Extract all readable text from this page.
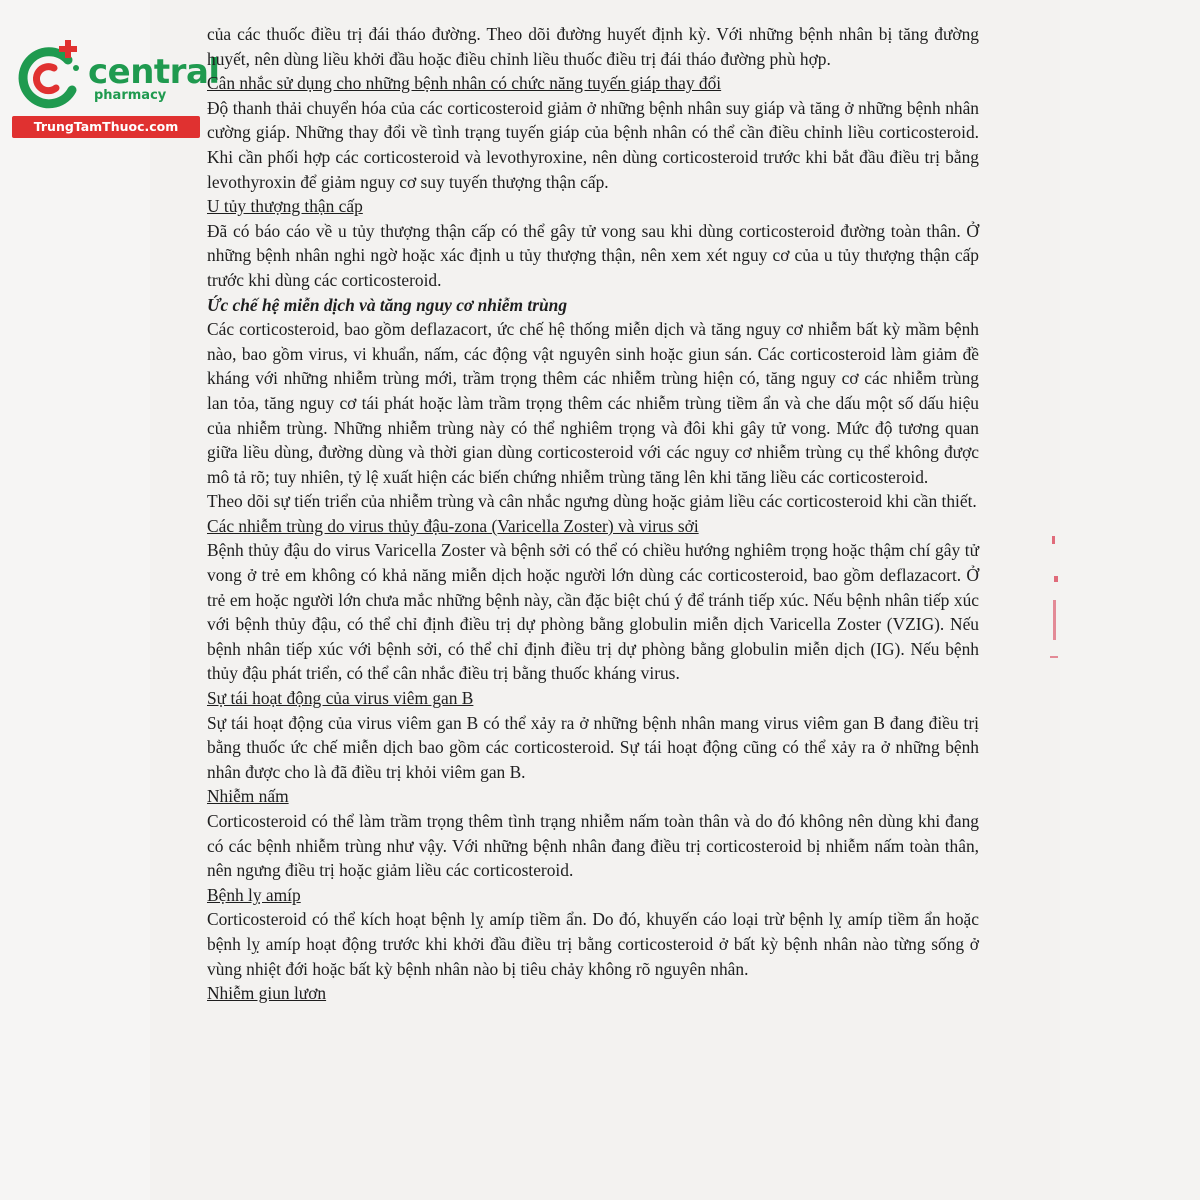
central
pharmacy
TrungTamThuoc.com

của các thuốc điều trị đái tháo đường. Theo dõi đường huyết định kỳ. Với những bệnh nhân bị tăng đường huyết, nên dùng liều khởi đầu hoặc điều chỉnh liều thuốc điều trị đái tháo đường phù hợp.

Cân nhắc sử dụng cho những bệnh nhân có chức năng tuyến giáp thay đổi

Độ thanh thải chuyển hóa của các corticosteroid giảm ở những bệnh nhân suy giáp và tăng ở những bệnh nhân cường giáp. Những thay đổi về tình trạng tuyến giáp của bệnh nhân có thể cần điều chỉnh liều corticosteroid. Khi cần phối hợp các corticosteroid và levothyroxine, nên dùng corticosteroid trước khi bắt đầu điều trị bằng levothyroxin để giảm nguy cơ suy tuyến thượng thận cấp.

U tủy thượng thận cấp

Đã có báo cáo về u tủy thượng thận cấp có thể gây tử vong sau khi dùng corticosteroid đường toàn thân. Ở những bệnh nhân nghi ngờ hoặc xác định u tủy thượng thận, nên xem xét nguy cơ của u tủy thượng thận cấp trước khi dùng các corticosteroid.

Ức chế hệ miễn dịch và tăng nguy cơ nhiễm trùng

Các corticosteroid, bao gồm deflazacort, ức chế hệ thống miễn dịch và tăng nguy cơ nhiễm bất kỳ mầm bệnh nào, bao gồm virus, vi khuẩn, nấm, các động vật nguyên sinh hoặc giun sán. Các corticosteroid làm giảm đề kháng với những nhiễm trùng mới, trầm trọng thêm các nhiễm trùng hiện có, tăng nguy cơ các nhiễm trùng lan tỏa, tăng nguy cơ tái phát hoặc làm trầm trọng thêm các nhiễm trùng tiềm ẩn và che dấu một số dấu hiệu của nhiễm trùng. Những nhiễm trùng này có thể nghiêm trọng và đôi khi gây tử vong. Mức độ tương quan giữa liều dùng, đường dùng và thời gian dùng corticosteroid với các nguy cơ nhiễm trùng cụ thể không được mô tả rõ; tuy nhiên, tỷ lệ xuất hiện các biến chứng nhiễm trùng tăng lên khi tăng liều các corticosteroid.

Theo dõi sự tiến triển của nhiễm trùng và cân nhắc ngưng dùng hoặc giảm liều các corticosteroid khi cần thiết.

Các nhiễm trùng do virus thủy đậu-zona (Varicella Zoster) và virus sởi

Bệnh thủy đậu do virus Varicella Zoster và bệnh sởi có thể có chiều hướng nghiêm trọng hoặc thậm chí gây tử vong ở trẻ em không có khả năng miễn dịch hoặc người lớn dùng các corticosteroid, bao gồm deflazacort. Ở trẻ em hoặc người lớn chưa mắc những bệnh này, cần đặc biệt chú ý để tránh tiếp xúc. Nếu bệnh nhân tiếp xúc với bệnh thủy đậu, có thể chỉ định điều trị dự phòng bằng globulin miễn dịch Varicella Zoster (VZIG). Nếu bệnh nhân tiếp xúc với bệnh sởi, có thể chỉ định điều trị dự phòng bằng globulin miễn dịch (IG). Nếu bệnh thủy đậu phát triển, có thể cân nhắc điều trị bằng thuốc kháng virus.

Sự tái hoạt động của virus viêm gan B

Sự tái hoạt động của virus viêm gan B có thể xảy ra ở những bệnh nhân mang virus viêm gan B đang điều trị bằng thuốc ức chế miễn dịch bao gồm các corticosteroid. Sự tái hoạt động cũng có thể xảy ra ở những bệnh nhân được cho là đã điều trị khỏi viêm gan B.

Nhiễm nấm

Corticosteroid có thể làm trầm trọng thêm tình trạng nhiễm nấm toàn thân và do đó không nên dùng khi đang có các bệnh nhiễm trùng như vậy. Với những bệnh nhân đang điều trị corticosteroid bị nhiễm nấm toàn thân, nên ngưng điều trị hoặc giảm liều các corticosteroid.

Bệnh lỵ amíp

Corticosteroid có thể kích hoạt bệnh lỵ amíp tiềm ẩn. Do đó, khuyến cáo loại trừ bệnh lỵ amíp tiềm ẩn hoặc bệnh lỵ amíp hoạt động trước khi khởi đầu điều trị bằng corticosteroid ở bất kỳ bệnh nhân nào từng sống ở vùng nhiệt đới hoặc bất kỳ bệnh nhân nào bị tiêu chảy không rõ nguyên nhân.

Nhiễm giun lươn
